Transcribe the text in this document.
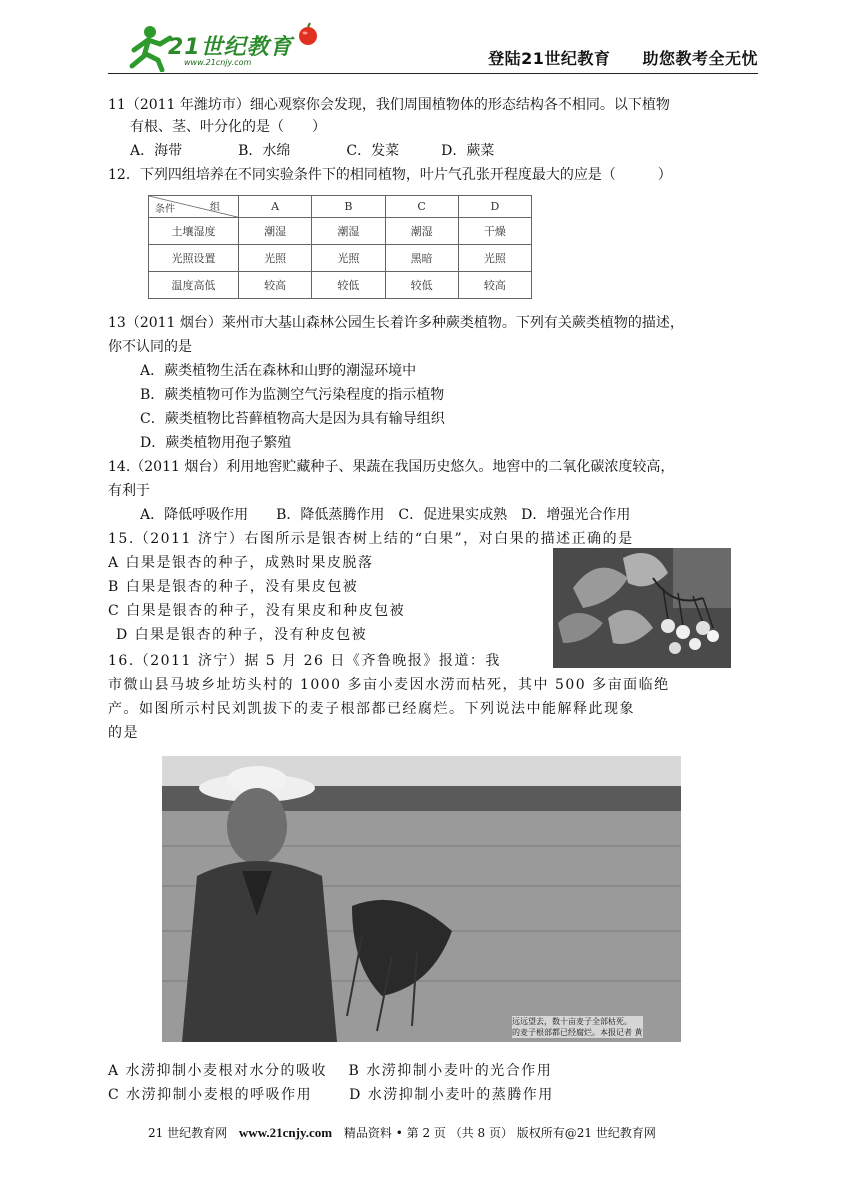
21世纪教育
www.21cnjy.com	登陆21世纪教育 助您教考全无忧
11（2011 年潍坊市）细心观察你会发现，我们周围植物体的形态结构各不相同。以下植物
有根、茎、叶分化的是（　　）
A．海带　　　　B．水绵　　　　C．发菜　　　D．蕨菜
12．下列四组培养在不同实验条件下的相同植物，叶片气孔张开程度最大的应是（　　　）
组
条件	A	B	C	D
土壤湿度	潮湿	潮湿	潮湿	干燥
光照设置	光照	光照	黑暗	光照
温度高低	较高	较低	较低	较高
13（2011 烟台）莱州市大基山森林公园生长着许多种蕨类植物。下列有关蕨类植物的描述，
你不认同的是
A．蕨类植物生活在森林和山野的潮湿环境中
B．蕨类植物可作为监测空气污染程度的指示植物
C．蕨类植物比苔藓植物高大是因为具有输导组织
D．蕨类植物用孢子繁殖
14.（2011 烟台）利用地窖贮藏种子、果蔬在我国历史悠久。地窖中的二氧化碳浓度较高，
有利于
A．降低呼吸作用　　B．降低蒸腾作用　C．促进果实成熟　D．增强光合作用
15.（2011 济宁）右图所示是银杏树上结的“白果”，对白果的描述正确的是
A 白果是银杏的种子，成熟时果皮脱落
B 白果是银杏的种子，没有果皮包被
C 白果是银杏的种子，没有果皮和种皮包被
D 白果是银杏的种子，没有种皮包被
16.（2011 济宁）据 5 月 26 日《齐鲁晚报》报道：我
市微山县马坡乡址坊头村的 1000 多亩小麦因水涝而枯死，其中 500 多亩面临绝
产。如图所示村民刘凯拔下的麦子根部都已经腐烂。下列说法中能解释此现象
的是
远远望去，数十亩麦子全部枯死。
的麦子根部都已经腐烂。本报记者 黄
A 水涝抑制小麦根对水分的吸收　 B 水涝抑制小麦叶的光合作用
C 水涝抑制小麦根的呼吸作用　　 D 水涝抑制小麦叶的蒸腾作用
21 世纪教育网 www.21cnjy.com 精品资料 • 第 2 页 （共 8 页） 版权所有@21 世纪教育网
